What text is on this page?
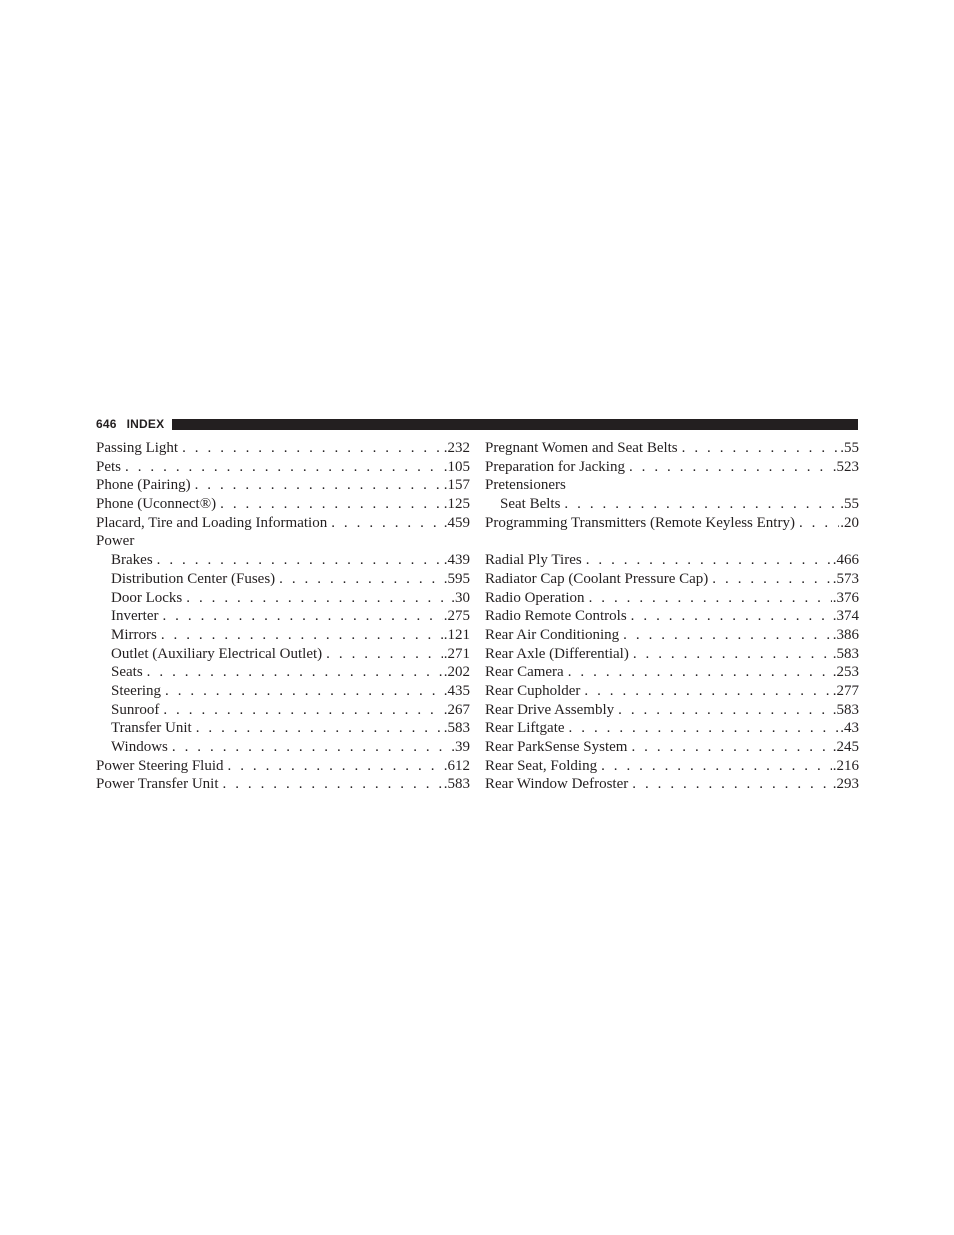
646 INDEX
Passing Light . . .	.232
Pets . . .	.105
Phone (Pairing) . . .	.157
Phone (Uconnect®) . . .	.125
Placard, Tire and Loading Information . . .	.459
Power
Brakes . . .	.439
Distribution Center (Fuses) . . .	.595
Door Locks . . .	.30
Inverter . . .	.275
Mirrors . . .	.121
Outlet (Auxiliary Electrical Outlet) . . .	.271
Seats . . .	.202
Steering . . .	.435
Sunroof . . .	.267
Transfer Unit . . .	.583
Windows . . .	.39
Power Steering Fluid . . .	.612
Power Transfer Unit . . .	.583
Pregnant Women and Seat Belts . . .	.55
Preparation for Jacking . . .	.523
Pretensioners
Seat Belts . . .	.55
Programming Transmitters (Remote Keyless Entry) . . .	.20
Radial Ply Tires . . .	.466
Radiator Cap (Coolant Pressure Cap) . . .	.573
Radio Operation . . .	.376
Radio Remote Controls . . .	.374
Rear Air Conditioning . . .	.386
Rear Axle (Differential) . . .	.583
Rear Camera . . .	.253
Rear Cupholder . . .	.277
Rear Drive Assembly . . .	.583
Rear Liftgate . . .	.43
Rear ParkSense System . . .	.245
Rear Seat, Folding . . .	.216
Rear Window Defroster . . .	.293
